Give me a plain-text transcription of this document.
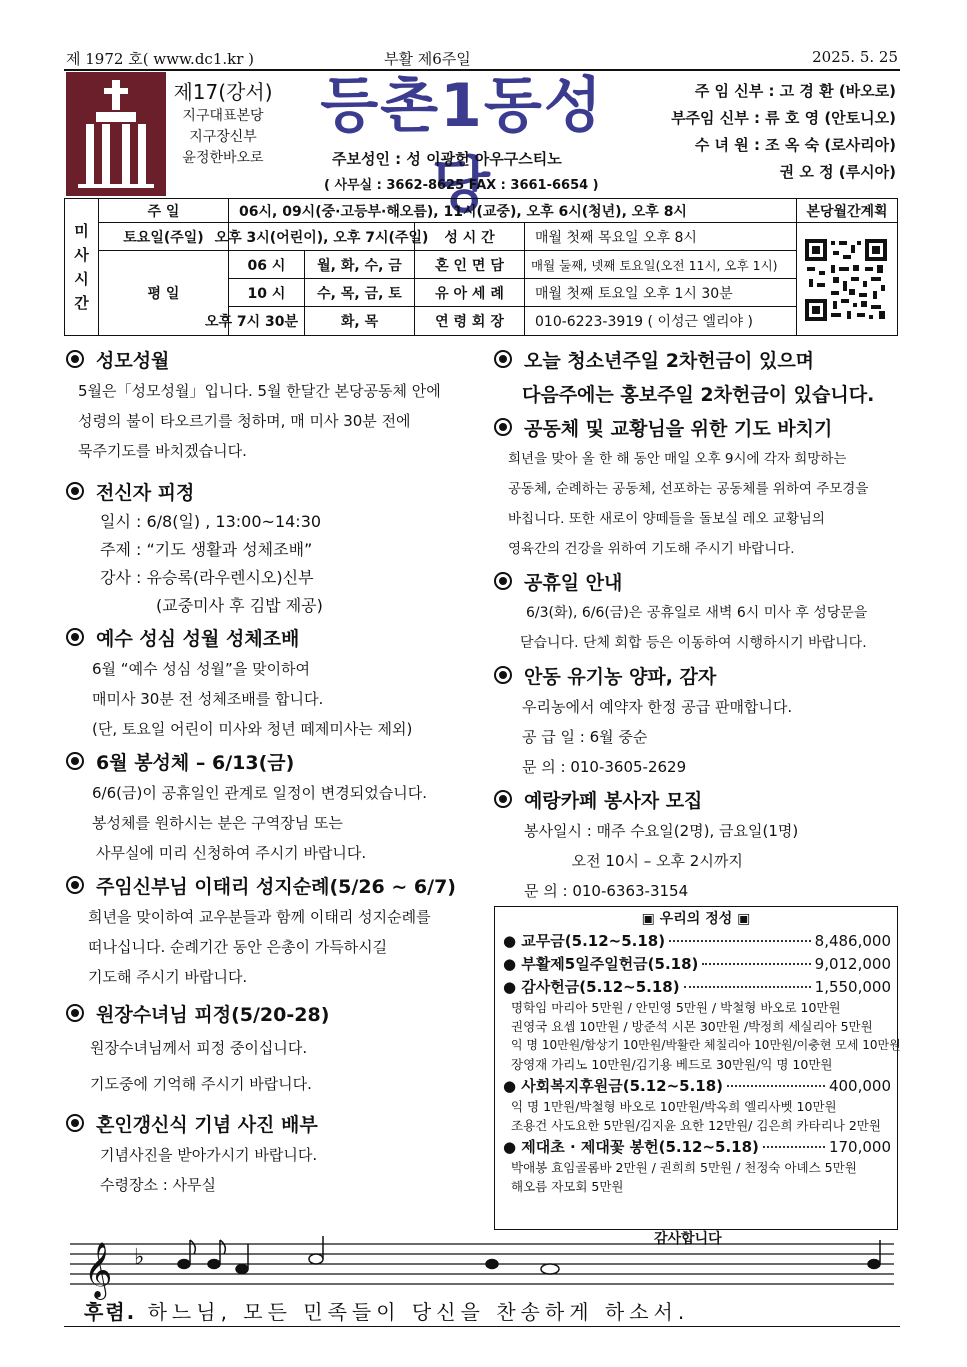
제 1972 호( www.dc1.kr )	부활 제6주일	2025. 5. 25
제17(강서)
지구대표본당
지구장신부
윤정한바오로
등촌1동성당
주보성인 : 성 이광헌 아우구스티노
( 사무실 : 3662-8625 FAX : 3661-6654 )
주 임 신부 : 고 경 환 (바오로)
부주임 신부 : 류 호 영 (안토니오)
수 녀 원 : 조 옥 숙 (로사리아)
권 오 정 (루시아)
미
사
시
간
주 일	06시, 09시(중·고등부·해오름), 11시(교중), 오후 6시(청년), 오후 8시	본당월간계획
토요일(주일) 오후 3시(어린이), 오후 7시(주일)	성 시 간	매월 첫째 목요일 오후 8시
평 일
06 시	월, 화, 수, 금	혼 인 면 담	매월 둘째, 넷째 토요일(오전 11시, 오후 1시)
10 시	수, 목, 금, 토	유 아 세 례	매월 첫째 토요일 오후 1시 30분
오후 7시 30분	화, 목	연 령 회 장	010-6223-3919 ( 이성근 엘리야 )
성모성월
5월은「성모성월」입니다. 5월 한달간 본당공동체 안에
성령의 불이 타오르기를 청하며, 매 미사 30분 전에
묵주기도를 바치겠습니다.
전신자 피정
일시 : 6/8(일) , 13:00~14:30
주제 : “기도 생활과 성체조배”
강사 : 유승록(라우렌시오)신부
(교중미사 후 김밥 제공)
예수 성심 성월 성체조배
6월 “예수 성심 성월”을 맞이하여
매미사 30분 전 성체조배를 합니다.
(단, 토요일 어린이 미사와 청년 떼제미사는 제외)
6월 봉성체 – 6/13(금)
6/6(금)이 공휴일인 관계로 일정이 변경되었습니다.
봉성체를 원하시는 분은 구역장님 또는
사무실에 미리 신청하여 주시기 바랍니다.
주임신부님 이태리 성지순례(5/26 ~ 6/7)
희년을 맞이하여 교우분들과 함께 이태리 성지순례를
떠나십니다. 순례기간 동안 은총이 가득하시길
기도해 주시기 바랍니다.
원장수녀님 피정(5/20-28)
원장수녀님께서 피정 중이십니다.
기도중에 기억해 주시기 바랍니다.
혼인갱신식 기념 사진 배부
기념사진을 받아가시기 바랍니다.
수령장소 : 사무실
오늘 청소년주일 2차헌금이 있으며
다음주에는 홍보주일 2차헌금이 있습니다.
공동체 및 교황님을 위한 기도 바치기
희년을 맞아 올 한 해 동안 매일 오후 9시에 각자 희망하는
공동체, 순례하는 공동체, 선포하는 공동체를 위하여 주모경을
바칩니다. 또한 새로이 양떼들을 돌보실 레오 교황님의
영육간의 건강을 위하여 기도해 주시기 바랍니다.
공휴일 안내
6/3(화), 6/6(금)은 공휴일로 새벽 6시 미사 후 성당문을
닫습니다. 단체 회합 등은 이동하여 시행하시기 바랍니다.
안동 유기농 양파, 감자
우리농에서 예약자 한정 공급 판매합니다.
공 급 일 : 6월 중순
문 의 : 010-3605-2629
예랑카페 봉사자 모집
봉사일시 : 매주 수요일(2명), 금요일(1명)
오전 10시 – 오후 2시까지
문 의 : 010-6363-3154
▣ 우리의 정성 ▣
● 교무금(5.12~5.18)	8,486,000
● 부활제5일주일헌금(5.18)	9,012,000
● 감사헌금(5.12~5.18)	1,550,000
명학임 마리아 5만원 / 안민영 5만원 / 박철형 바오로 10만원
권영국 요셉 10만원 / 방준석 시몬 30만원 /박정희 세실리아 5만원
익 명 10만원/함상기 10만원/박활란 체칠리아 10만원/이충현 모세 10만원
장영재 가리노 10만원/김기용 베드로 30만원/익 명 10만원
● 사회복지후원금(5.12~5.18)	400,000
익 명 1만원/박철형 바오로 10만원/박옥희 엘리사벳 10만원
조용건 사도요한 5만원/김지윤 요한 12만원/ 김은희 카타리나 2만원
● 제대초 · 제대꽃 봉헌(5.12~5.18)	170,000
박애봉 효임골롬바 2만원 / 권희희 5만원 / 천정숙 아녜스 5만원
해오름 자모회 5만원
감사합니다
𝄞 ♭
후렴. 하느님, 모든 민족들이 당신을 찬송하게 하소서.
